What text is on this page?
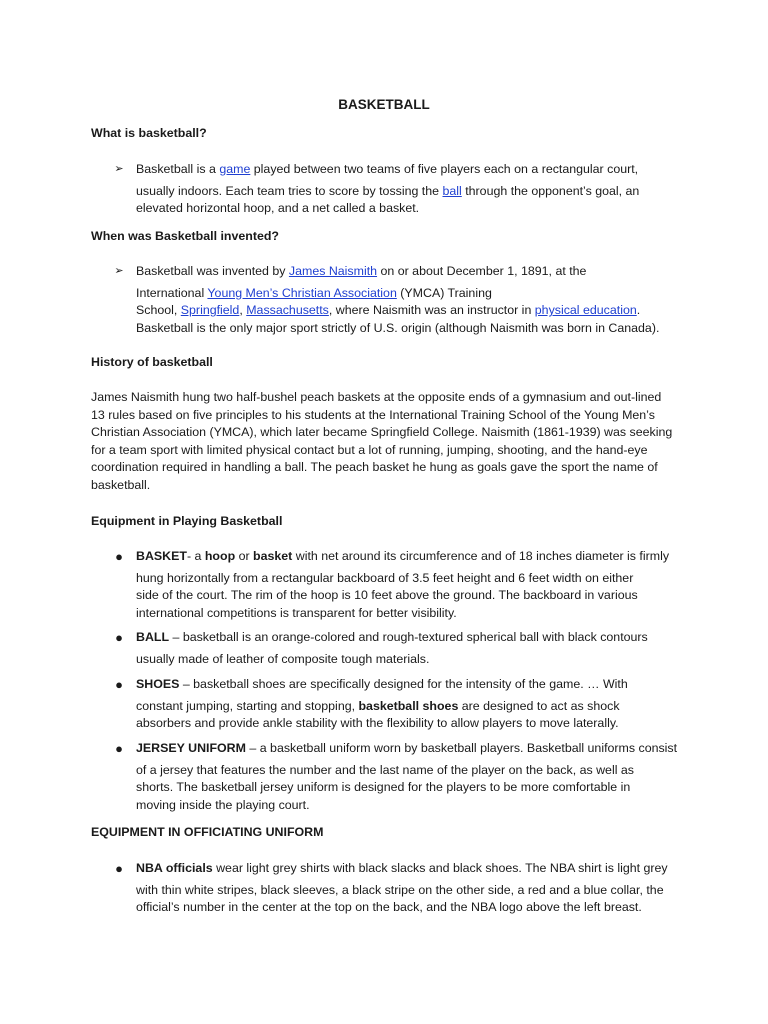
BASKETBALL
What is basketball?
➢ Basketball is a game played between two teams of five players each on a rectangular court,

usually indoors. Each team tries to score by tossing the ball through the opponent’s goal, an

elevated horizontal hoop, and a net called a basket.

When was Basketball invented?
➢ Basketball was invented by James Naismith on or about December 1, 1891, at the

International Young Men’s Christian Association (YMCA) Training

School, Springfield, Massachusetts, where Naismith was an instructor in physical education.

Basketball is the only major sport strictly of U.S. origin (although Naismith was born in Canada).

History of basketball
James Naismith hung two half-bushel peach baskets at the opposite ends of a gymnasium and out-lined
13 rules based on five principles to his students at the International Training School of the Young Men’s
Christian Association (YMCA), which later became Springfield College. Naismith (1861-1939) was seeking
for a team sport with limited physical contact but a lot of running, jumping, shooting, and the hand-eye
coordination required in handling a ball. The peach basket he hung as goals gave the sport the name of
basketball.
Equipment in Playing Basketball
● BASKET- a hoop or basket with net around its circumference and of 18 inches diameter is firmly

hung horizontally from a rectangular backboard of 3.5 feet height and 6 feet width on either

side of the court. The rim of the hoop is 10 feet above the ground. The backboard in various

international competitions is transparent for better visibility.

● BALL – basketball is an orange-colored and rough-textured spherical ball with black contours

usually made of leather of composite tough materials.

● SHOES – basketball shoes are specifically designed for the intensity of the game. … With

constant jumping, starting and stopping, basketball shoes are designed to act as shock

absorbers and provide ankle stability with the flexibility to allow players to move laterally.

● JERSEY UNIFORM – a basketball uniform worn by basketball players. Basketball uniforms consist

of a jersey that features the number and the last name of the player on the back, as well as

shorts. The basketball jersey uniform is designed for the players to be more comfortable in

moving inside the playing court.

EQUIPMENT IN OFFICIATING UNIFORM
● NBA officials wear light grey shirts with black slacks and black shoes. The NBA shirt is light grey

with thin white stripes, black sleeves, a black stripe on the other side, a red and a blue collar, the

official’s number in the center at the top on the back, and the NBA logo above the left breast.
